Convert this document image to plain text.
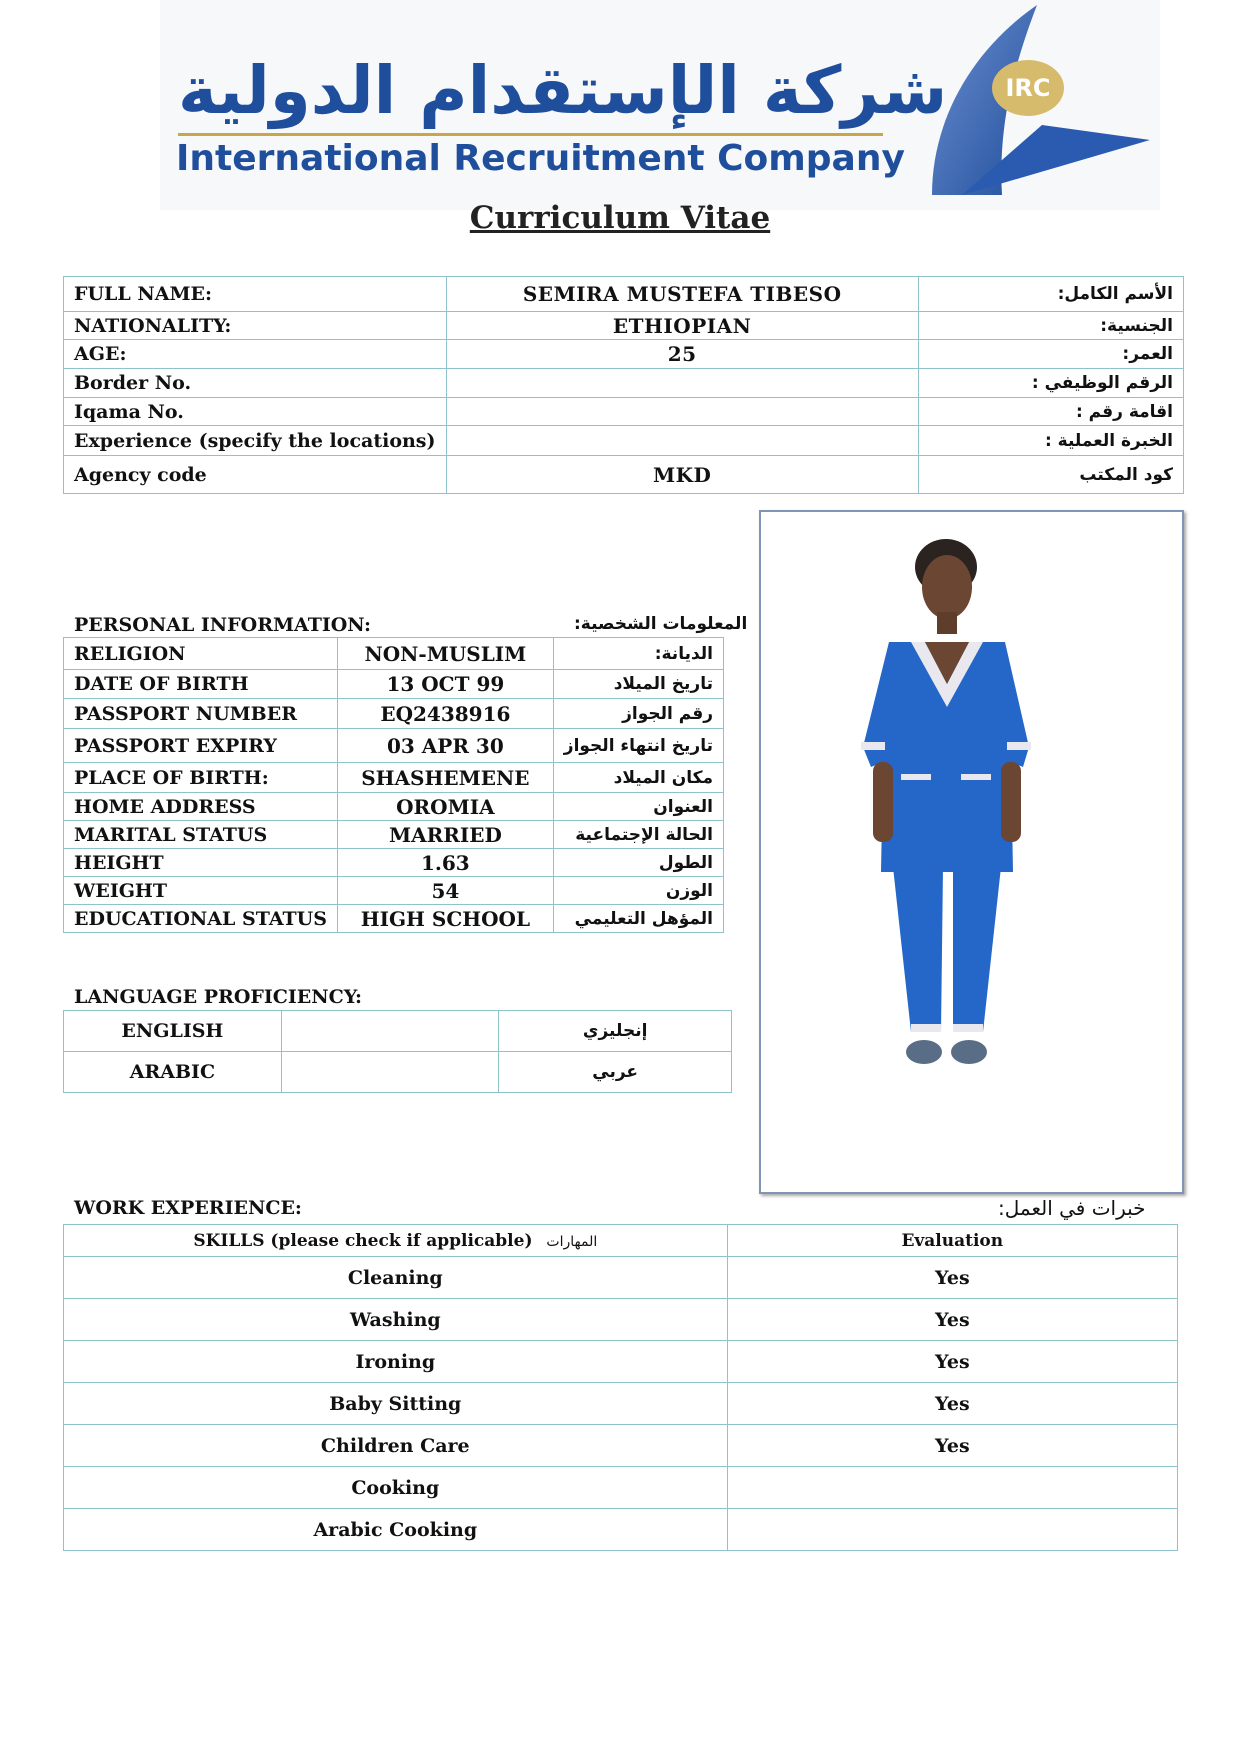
شركة الإستقدام الدولية
International Recruitment Company
IRC
Curriculum Vitae
FULL NAME:	SEMIRA MUSTEFA TIBESO	الأسم الكامل:
NATIONALITY:	ETHIOPIAN	الجنسية:
AGE:	25	العمر:
Border No.		الرقم الوظيفي :
Iqama No.		اقامة رقم :
Experience (specify the locations)		الخبرة العملية :
Agency code	MKD	كود المكتب
PERSONAL INFORMATION:	المعلومات الشخصية:
RELIGION	NON-MUSLIM	الديانة:
DATE OF BIRTH	13 OCT 99	تاريخ الميلاد
PASSPORT NUMBER	EQ2438916	رقم الجواز
PASSPORT EXPIRY	03 APR 30	تاريخ انتهاء الجواز
PLACE OF BIRTH:	SHASHEMENE	مكان الميلاد
HOME ADDRESS	OROMIA	العنوان
MARITAL STATUS	MARRIED	الحالة الإجتماعية
HEIGHT	1.63	الطول
WEIGHT	54	الوزن
EDUCATIONAL STATUS	HIGH SCHOOL	المؤهل التعليمي
LANGUAGE PROFICIENCY:
ENGLISH		إنجليزي
ARABIC		عربي
WORK EXPERIENCE:	خبرات في العمل:
SKILLS (please check if applicable) المهارات	Evaluation
Cleaning	Yes
Washing	Yes
Ironing	Yes
Baby Sitting	Yes
Children Care	Yes
Cooking	
Arabic Cooking	
